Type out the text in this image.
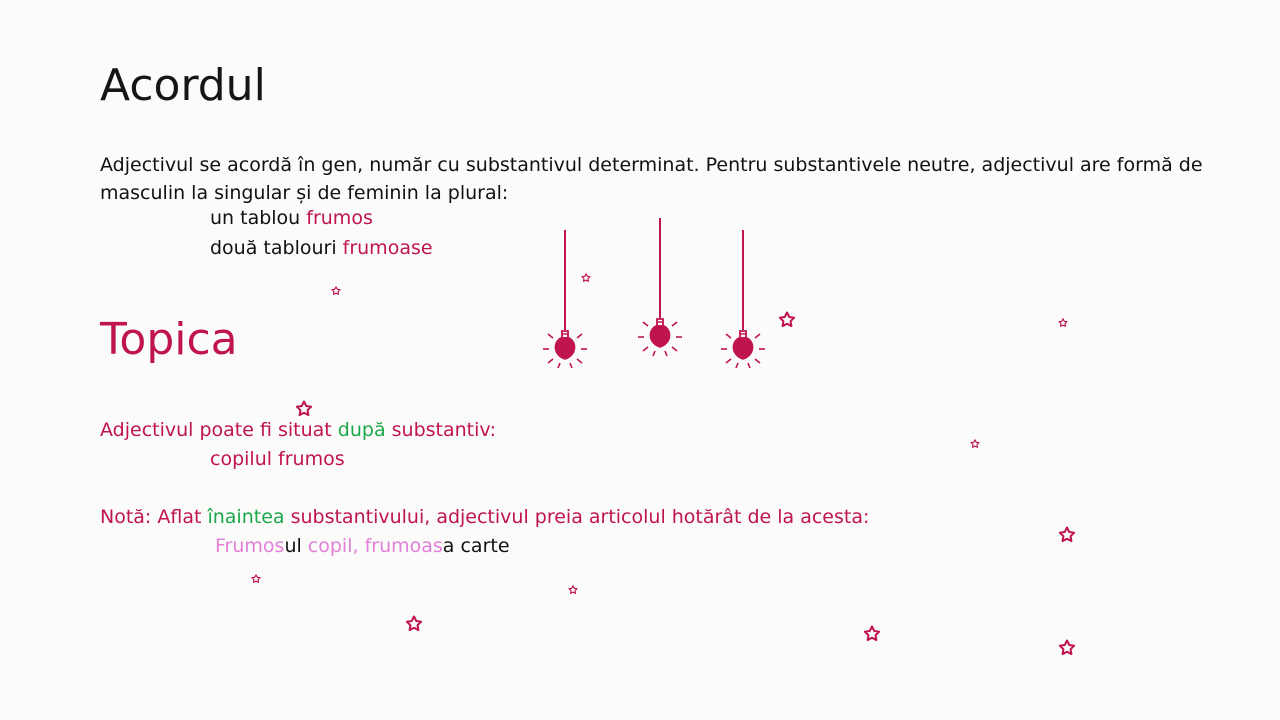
Acordul
Adjectivul se acordă în gen, număr cu substantivul determinat. Pentru substantivele neutre, adjectivul are formă de masculin la singular și de feminin la plural:
un tablou frumos
două tablouri frumoase
Topica
Adjectivul poate fi situat după substantiv:
copilul frumos
Notă: Aflat înaintea substantivului, adjectivul preia articolul hotărât de la acesta:
Frumosul copil, frumoasa carte
